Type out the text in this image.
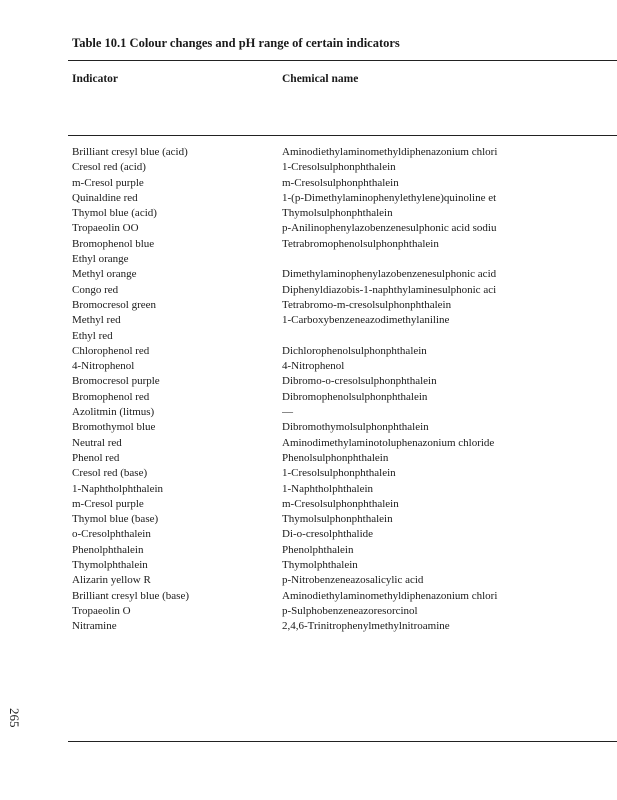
Table 10.1 Colour changes and pH range of certain indicators
Indicator	Chemical name
Brilliant cresyl blue (acid)	Aminodiethylaminomethyldiphenazonium chlori
Cresol red (acid)	1-Cresolsulphonphthalein
m-Cresol purple	m-Cresolsulphonphthalein
Quinaldine red	1-(p-Dimethylaminophenylethylene)quinoline et
Thymol blue (acid)	Thymolsulphonphthalein
Tropaeolin OO	p-Anilinophenylazobenzenesulphonic acid sodiu
Bromophenol blue	Tetrabromophenolsulphonphthalein
Ethyl orange
Methyl orange	Dimethylaminophenylazobenzenesulphonic acid
Congo red	Diphenyldiazobis-1-naphthylaminesulphonic aci
Bromocresol green	Tetrabromo-m-cresolsulphonphthalein
Methyl red	1-Carboxybenzeneazodimethylaniline
Ethyl red
Chlorophenol red	Dichlorophenolsulphonphthalein
4-Nitrophenol	4-Nitrophenol
Bromocresol purple	Dibromo-o-cresolsulphonphthalein
Bromophenol red	Dibromophenolsulphonphthalein
Azolitmin (litmus)	—
Bromothymol blue	Dibromothymolsulphonphthalein
Neutral red	Aminodimethylaminotoluphenazonium chloride
Phenol red	Phenolsulphonphthalein
Cresol red (base)	1-Cresolsulphonphthalein
1-Naphtholphthalein	1-Naphtholphthalein
m-Cresol purple	m-Cresolsulphonphthalein
Thymol blue (base)	Thymolsulphonphthalein
o-Cresolphthalein	Di-o-cresolphthalide
Phenolphthalein	Phenolphthalein
Thymolphthalein	Thymolphthalein
Alizarin yellow R	p-Nitrobenzeneazosalicylic acid
Brilliant cresyl blue (base)	Aminodiethylaminomethyldiphenazonium chlori
Tropaeolin O	p-Sulphobenzeneazoresorcinol
Nitramine	2,4,6-Trinitrophenylmethylnitroamine
265
